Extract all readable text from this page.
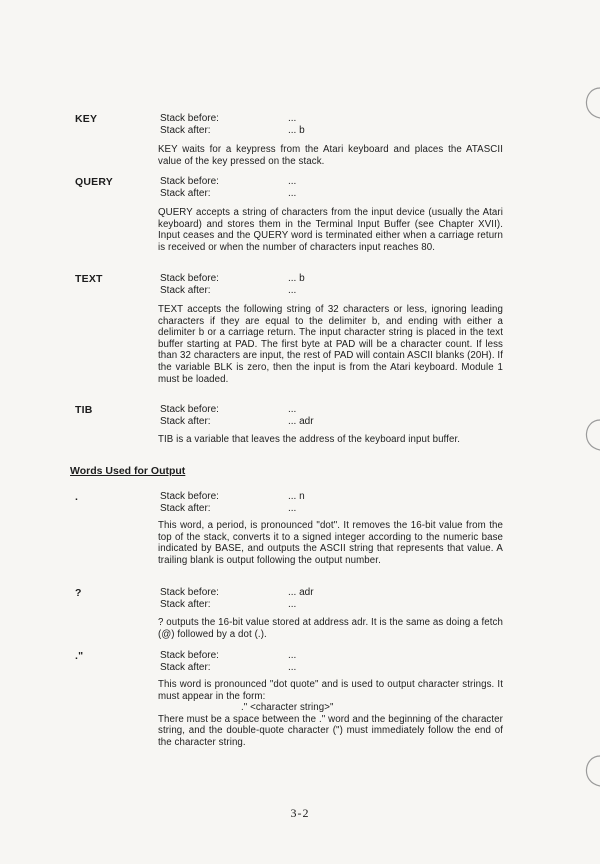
KEY	Stack before:	...
Stack after:	... b
KEY waits for a keypress from the Atari keyboard and places the ATASCII value of the key pressed on the stack.
QUERY	Stack before:	...
Stack after:	...
QUERY accepts a string of characters from the input device (usually the Atari keyboard) and stores them in the Terminal Input Buffer (see Chapter XVII). Input ceases and the QUERY word is terminated either when a carriage return is received or when the number of characters input reaches 80.
TEXT	Stack before:	... b
Stack after:	...
TEXT accepts the following string of 32 characters or less, ignoring leading characters if they are equal to the delimiter b, and ending with either a delimiter b or a carriage return. The input character string is placed in the text buffer starting at PAD. The first byte at PAD will be a character count. If less than 32 characters are input, the rest of PAD will contain ASCII blanks (20H). If the variable BLK is zero, then the input is from the Atari keyboard. Module 1 must be loaded.
TIB	Stack before:	...
Stack after:	... adr
TIB is a variable that leaves the address of the keyboard input buffer.
Words Used for Output
.	Stack before:	... n
Stack after:	...
This word, a period, is pronounced "dot". It removes the 16-bit value from the top of the stack, converts it to a signed integer according to the numeric base indicated by BASE, and outputs the ASCII string that represents that value. A trailing blank is output following the output number.
?	Stack before:	... adr
Stack after:	...
? outputs the 16-bit value stored at address adr. It is the same as doing a fetch (@) followed by a dot (.).
."	Stack before:	...
Stack after:	...

This word is pronounced "dot quote" and is used to output character strings. It must appear in the form:

." <character string>"

There must be a space between the ." word and the beginning of the character string, and the double-quote character (") must immediately follow the end of the character string.

3-2
